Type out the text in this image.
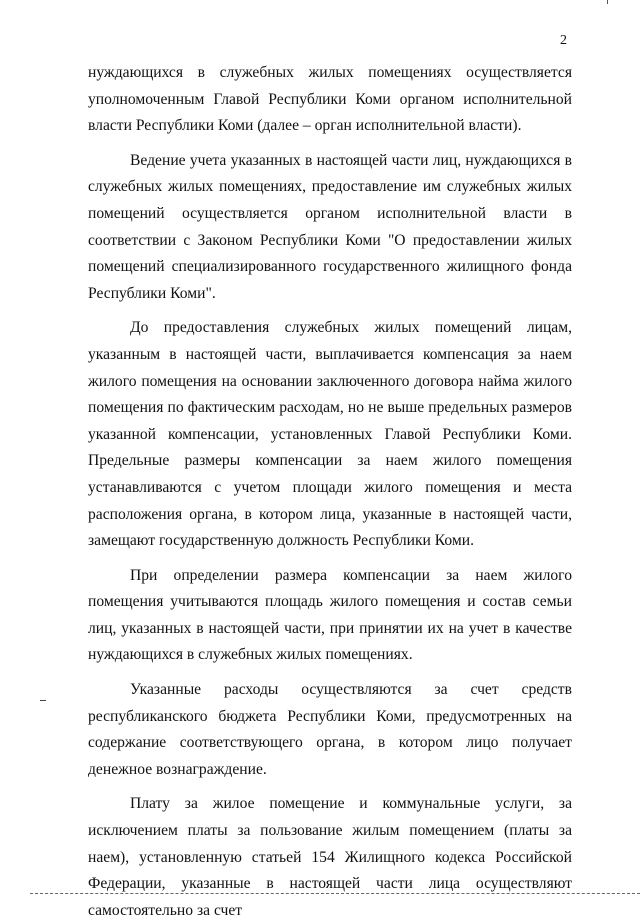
2

нуждающихся в служебных жилых помещениях осуществляется уполномоченным Главой Республики Коми органом исполнительной власти Республики Коми (далее – орган исполнительной власти).

Ведение учета указанных в настоящей части лиц, нуждающихся в служебных жилых помещениях, предоставление им служебных жилых помещений осуществляется органом исполнительной власти в соответствии с Законом Республики Коми "О предоставлении жилых помещений специализированного государственного жилищного фонда Республики Коми".

До предоставления служебных жилых помещений лицам, указанным в настоящей части, выплачивается компенсация за наем жилого помещения на основании заключенного договора найма жилого помещения по фактическим расходам, но не выше предельных размеров указанной компенсации, установленных Главой Республики Коми. Предельные размеры компенсации за наем жилого помещения устанавливаются с учетом площади жилого помещения и места расположения органа, в котором лица, указанные в настоящей части, замещают государственную должность Республики Коми.

При определении размера компенсации за наем жилого помещения учитываются площадь жилого помещения и состав семьи лиц, указанных в настоящей части, при принятии их на учет в качестве нуждающихся в служебных жилых помещениях.

Указанные расходы осуществляются за счет средств республиканского бюджета Республики Коми, предусмотренных на содержание соответствующего органа, в котором лицо получает денежное вознаграждение.

Плату за жилое помещение и коммунальные услуги, за исключением платы за пользование жилым помещением (платы за наем), установленную статьей 154 Жилищного кодекса Российской Федерации, указанные в настоящей части лица осуществляют самостоятельно за счет
